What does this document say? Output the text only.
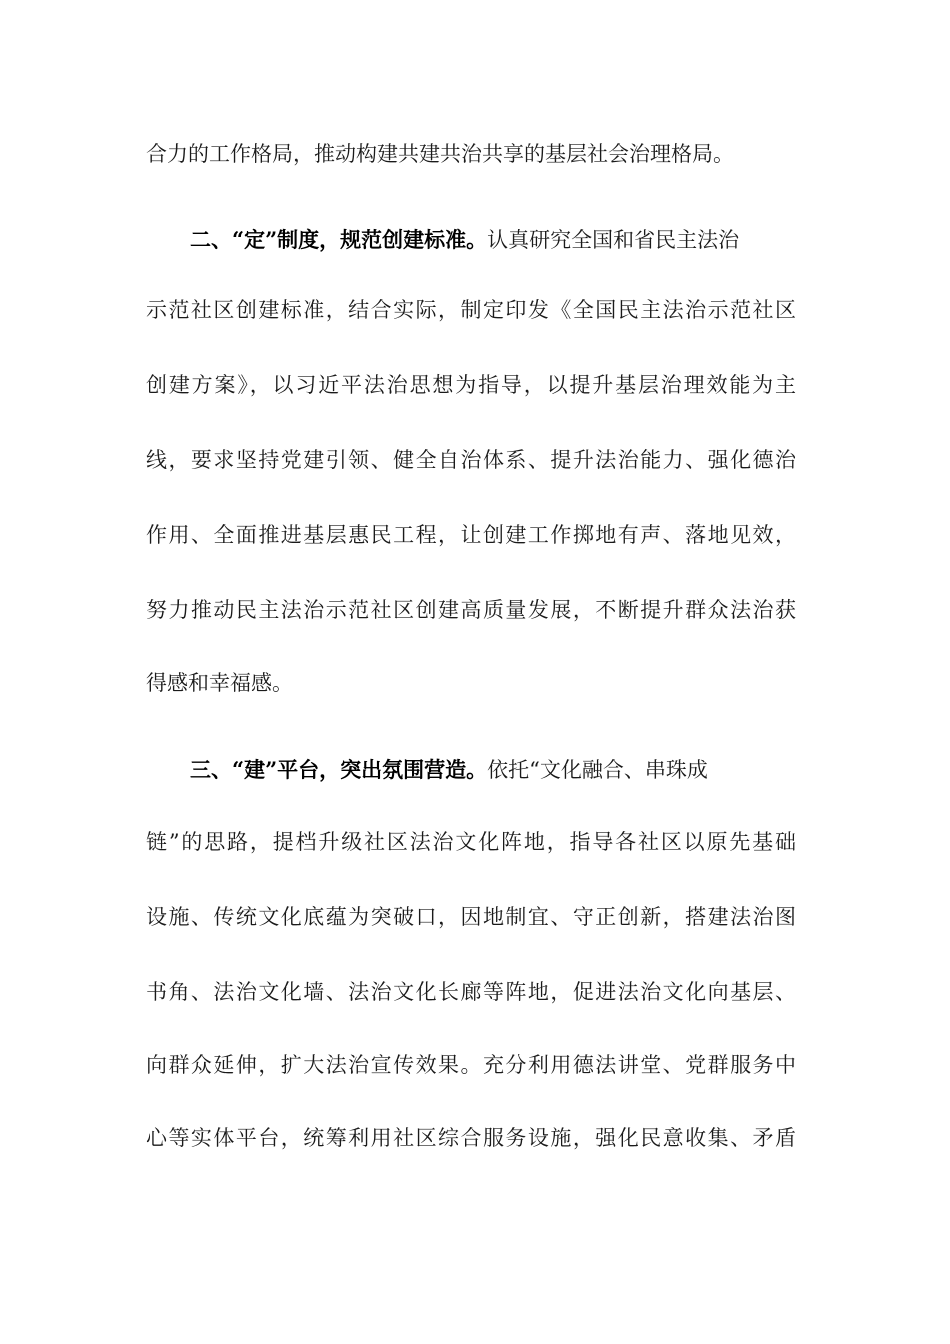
合力的工作格局，推动构建共建共治共享的基层社会治理格局。
二、“定”制度，规范创建标准。认真研究全国和省民主法治
示范社区创建标准，结合实际，制定印发《全国民主法治示范社区
创建方案》，以习近平法治思想为指导，以提升基层治理效能为主
线，要求坚持党建引领、健全自治体系、提升法治能力、强化德治
作用、全面推进基层惠民工程，让创建工作掷地有声、落地见效，
努力推动民主法治示范社区创建高质量发展，不断提升群众法治获
得感和幸福感。
三、“建”平台，突出氛围营造。依托“文化融合、串珠成
链”的思路，提档升级社区法治文化阵地，指导各社区以原先基础
设施、传统文化底蕴为突破口，因地制宜、守正创新，搭建法治图
书角、法治文化墙、法治文化长廊等阵地，促进法治文化向基层、
向群众延伸，扩大法治宣传效果。充分利用德法讲堂、党群服务中
心等实体平台，统筹利用社区综合服务设施，强化民意收集、矛盾
